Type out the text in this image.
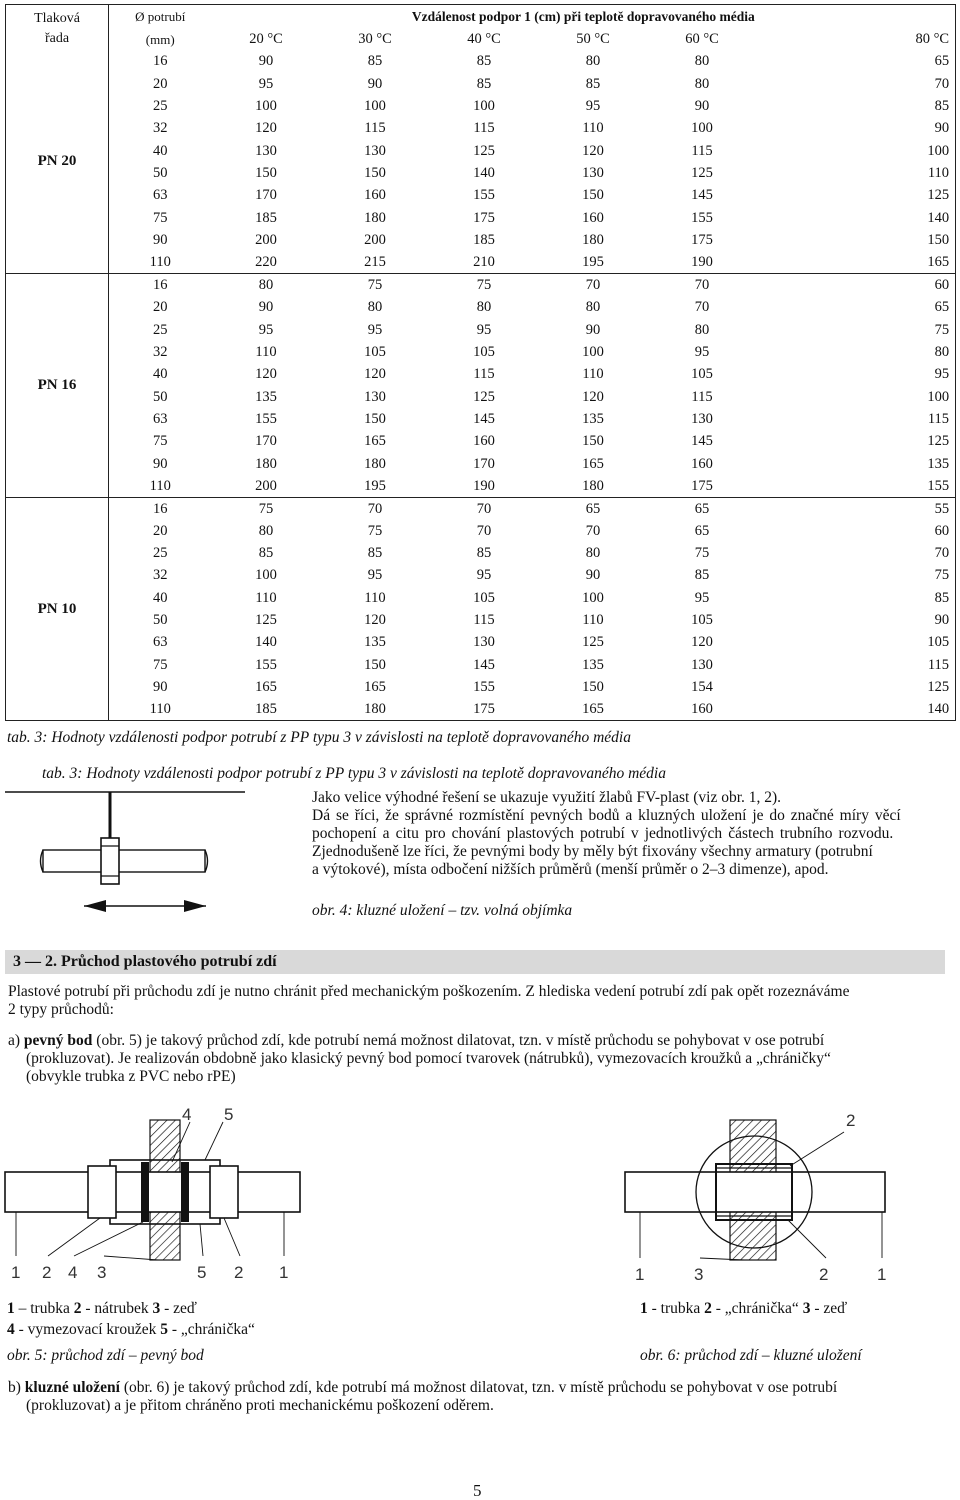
Tlaková
řada	Ø potrubí	Vzdálenost podpor 1 (cm) při teplotě dopravovaného média					
	(mm)	20 °C	30 °C	40 °C	50 °C	60 °C	80 °C
PN 20	16	90	85	85	80	80	65
	20	95	90	85	85	80	70
	25	100	100	100	95	90	85
	32	120	115	115	110	100	90
	40	130	130	125	120	115	100
	50	150	150	140	130	125	110
	63	170	160	155	150	145	125
	75	185	180	175	160	155	140
	90	200	200	185	180	175	150
	110	220	215	210	195	190	165
PN 16	16	80	75	75	70	70	60
	20	90	80	80	80	70	65
	25	95	95	95	90	80	75
	32	110	105	105	100	95	80
	40	120	120	115	110	105	95
	50	135	130	125	120	115	100
	63	155	150	145	135	130	115
	75	170	165	160	150	145	125
	90	180	180	170	165	160	135
	110	200	195	190	180	175	155
PN 10	16	75	70	70	65	65	55
	20	80	75	70	70	65	60
	25	85	85	85	80	75	70
	32	100	95	95	90	85	75
	40	110	110	105	100	95	85
	50	125	120	115	110	105	90
	63	140	135	130	125	120	105
	75	155	150	145	135	130	115
	90	165	165	155	150	154	125
	110	185	180	175	165	160	140
tab. 3: Hodnoty vzdálenosti podpor potrubí z PP typu 3 v závislosti na teplotě dopravovaného média
tab. 3: Hodnoty vzdálenosti podpor potrubí z PP typu 3 v závislosti na teplotě dopravovaného média
Jako velice výhodné řešení se ukazuje využití žlabů FV-plast (viz obr. 1, 2).
Dá se říci, že správné rozmístění pevných bodů a kluzných uložení je do značné míry věcí
pochopení a citu pro chování plastových potrubí v jednotlivých částech trubního rozvodu.
Zjednodušeně lze říci, že pevnými body by měly být fixovány všechny armatury (potrubní
a výtokové), místa odbočení nižších průměrů (menší průměr o 2–3 dimenze), apod.
obr. 4: kluzné uložení – tzv. volná objímka
3 — 2. Průchod plastového potrubí zdí
Plastové potrubí při průchodu zdí je nutno chránit před mechanickým poškozením. Z hlediska vedení potrubí zdí pak opět rozeznáváme
2 typy průchodů:
a) pevný bod (obr. 5) je takový průchod zdí, kde potrubí nemá možnost dilatovat, tzn. v místě průchodu se pohybovat v ose potrubí
(prokluzovat). Je realizován obdobně jako klasický pevný bod pomocí tvarovek (nátrubků), vymezovacích kroužků a „chráničky“
(obvykle trubka z PVC nebo rPE)
4 5
1 2 4 3	5 2 1
2
1	3	2	1
1 – trubka 2 - nátrubek 3 - zeď
4 - vymezovací kroužek 5 - „chránička“
obr. 5: průchod zdí – pevný bod
1 - trubka 2 - „chránička“ 3 - zeď
obr. 6: průchod zdí – kluzné uložení
b) kluzné uložení (obr. 6) je takový průchod zdí, kde potrubí má možnost dilatovat, tzn. v místě průchodu se pohybovat v ose potrubí
(prokluzovat) a je přitom chráněno proti mechanickému poškození oděrem.
5
